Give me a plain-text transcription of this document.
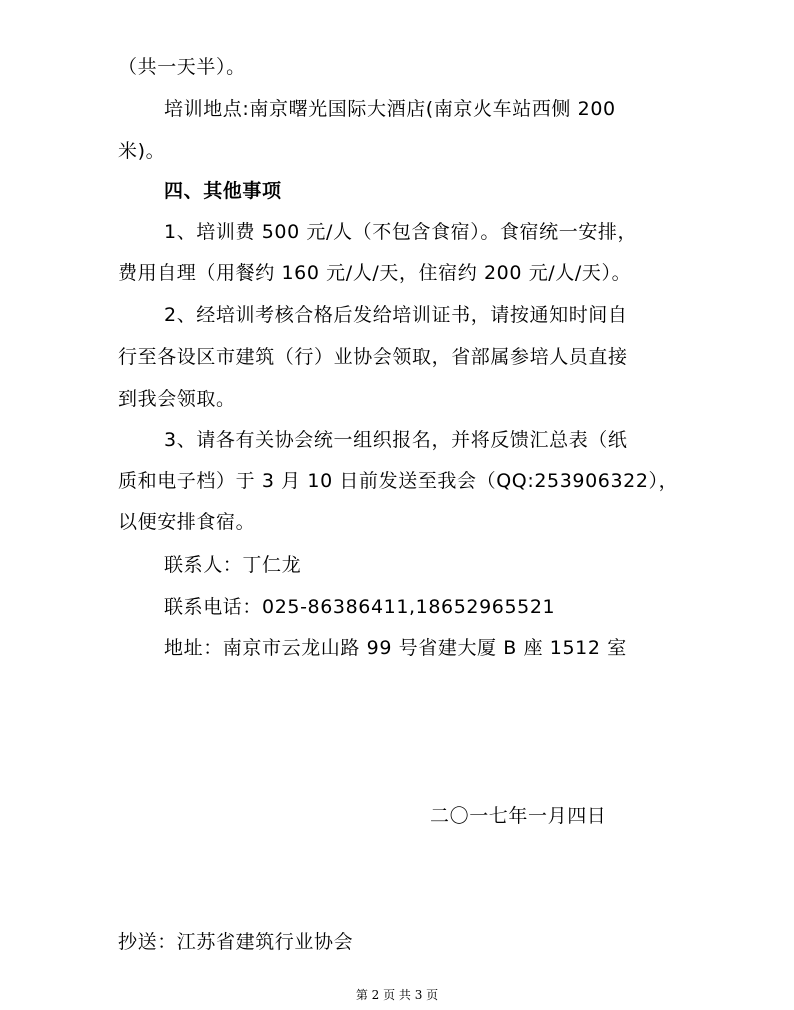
（共一天半）。
培训地点:南京曙光国际大酒店(南京火车站西侧 200
米)。
四、其他事项
1、培训费 500 元/人（不包含食宿）。食宿统一安排，
费用自理（用餐约 160 元/人/天，住宿约 200 元/人/天）。
2、经培训考核合格后发给培训证书，请按通知时间自
行至各设区市建筑（行）业协会领取，省部属参培人员直接
到我会领取。
3、请各有关协会统一组织报名，并将反馈汇总表（纸
质和电子档）于 3 月 10 日前发送至我会（QQ:253906322），
以便安排食宿。
联系人：丁仁龙
联系电话：025-86386411,18652965521
地址：南京市云龙山路 99 号省建大厦 B 座 1512 室
二〇一七年一月四日
抄送：江苏省建筑行业协会
第 2 页 共 3 页
